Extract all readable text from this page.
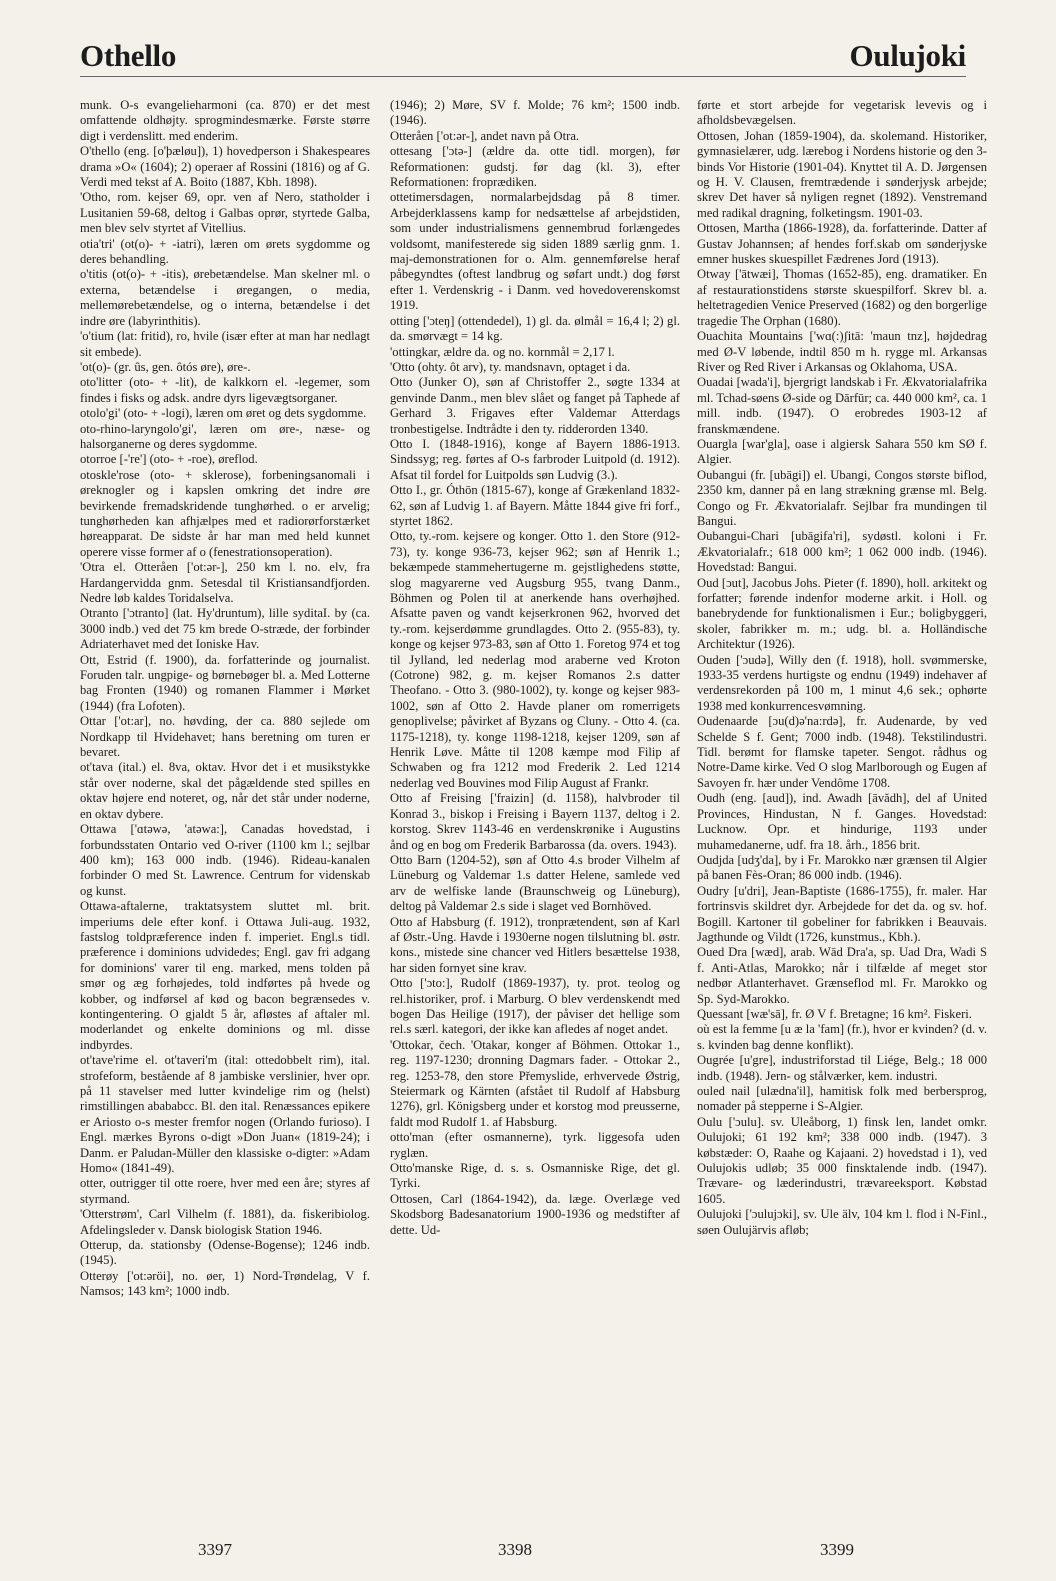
Othello	Oulujoki

munk. O-s evangelieharmoni (ca. 870) er det mest omfattende oldhøjty. sprogmindesmærke. Første større digt i verdenslitt. med enderim.

O'thello (eng. [o'þæløu]), 1) hovedperson i Shakespeares drama »O« (1604); 2) operaer af Rossini (1816) og af G. Verdi med tekst af A. Boito (1887, Kbh. 1898).

'Otho, rom. kejser 69, opr. ven af Nero, statholder i Lusitanien 59-68, deltog i Galbas oprør, styrtede Galba, men blev selv styrtet af Vitellius.

otia'tri' (ot(o)- + -iatri), læren om ørets sygdomme og deres behandling.

o'titis (ot(o)- + -itis), ørebetændelse. Man skelner ml. o externa, betændelse i øregangen, o media, mellemørebetændelse, og o interna, betændelse i det indre øre (labyrinthitis).

'o'tium (lat: fritid), ro, hvile (især efter at man har nedlagt sit embede).

'ot(o)- (gr. ûs, gen. ôtós øre), øre-.

oto'litter (oto- + -lit), de kalkkorn el. -legemer, som findes i fisks og adsk. andre dyrs ligevægtsorganer.

otolo'gi' (oto- + -logi), læren om øret og dets sygdomme.

oto-rhino-laryngolo'gi', læren om øre-, næse- og halsorganerne og deres sygdomme.

otorroe [-'re'] (oto- + -roe), øreflod.

otoskle'rose (oto- + sklerose), forbeningsanomali i øreknogler og i kapslen omkring det indre øre bevirkende fremadskridende tunghørhed. o er arvelig; tunghørheden kan afhjælpes med et radiorørforstærket høreapparat. De sidste år har man med held kunnet operere visse former af o (fenestrationsoperation).

'Otra el. Otteråen ['ot:ər-], 250 km l. no. elv, fra Hardangervidda gnm. Setesdal til Kristiansandfjorden. Nedre løb kaldes Toridalselva.

Otranto ['ɔtranto] (lat. Hy'druntum), lille syditaI. by (ca. 3000 indb.) ved det 75 km brede O-stræde, der forbinder Adriaterhavet med det Ioniske Hav.

Ott, Estrid (f. 1900), da. forfatterinde og journalist. Foruden talr. ungpige- og børnebøger bl. a. Med Lotterne bag Fronten (1940) og romanen Flammer i Mørket (1944) (fra Lofoten).

Ottar ['ot:ar], no. høvding, der ca. 880 sejlede om Nordkapp til Hvidehavet; hans beretning om turen er bevaret.

ot'tava (ital.) el. 8va, oktav. Hvor det i et musikstykke står over noderne, skal det pågældende sted spilles en oktav højere end noteret, og, når det står under noderne, en oktav dybere.

Ottawa ['ɑtəwə, 'atəwa:], Canadas hovedstad, i forbundsstaten Ontario ved O-river (1100 km l.; sejlbar 400 km); 163 000 indb. (1946). Rideau-kanalen forbinder O med St. Lawrence. Centrum for videnskab og kunst.

Ottawa-aftalerne, traktatsystem sluttet ml. brit. imperiums dele efter konf. i Ottawa Juli-aug. 1932, fastslog toldpræference inden f. imperiet. Engl.s tidl. præference i dominions udvidedes; Engl. gav fri adgang for dominions' varer til eng. marked, mens tolden på smør og æg forhøjedes, told indførtes på hvede og kobber, og indførsel af kød og bacon begrænsedes v. kontingentering. O gjaldt 5 år, afløstes af aftaler ml. moderlandet og enkelte dominions og ml. disse indbyrdes.

ot'tave'rime el. ot'taveri'm (ital: ottedobbelt rim), ital. strofeform, bestående af 8 jambiske verslinier, hver opr. på 11 stavelser med lutter kvindelige rim og (helst) rimstillingen abababcc. Bl. den ital. Renæssances epikere er Ariosto o-s mester fremfor nogen (Orlando furioso). I Engl. mærkes Byrons o-digt »Don Juan« (1819-24); i Danm. er Paludan-Müller den klassiske o-digter: »Adam Homo« (1841-49).

otter, outrigger til otte roere, hver med een åre; styres af styrmand.

'Otterstrøm', Carl Vilhelm (f. 1881), da. fiskeribiolog. Afdelingsleder v. Dansk biologisk Station 1946.

Otterup, da. stationsby (Odense-Bogense); 1246 indb. (1945).

Otterøy ['ot:əröi], no. øer, 1) Nord-Trøndelag, V f. Namsos; 143 km²; 1000 indb.

(1946); 2) Møre, SV f. Molde; 76 km²; 1500 indb. (1946).

Otteråen ['ot:ər-], andet navn på Otra.

ottesang ['ɔtə-] (ældre da. otte tidl. morgen), før Reformationen: gudstj. før dag (kl. 3), efter Reformationen: froprædiken.

ottetimersdagen, normalarbejdsdag på 8 timer. Arbejderklassens kamp for nedsættelse af arbejdstiden, som under industrialismens gennembrud forlængedes voldsomt, manifesterede sig siden 1889 særlig gnm. 1. maj-demonstrationen for o. Alm. gennemførelse heraf påbegyndtes (oftest landbrug og søfart undt.) dog først efter 1. Verdenskrig - i Danm. ved hovedoverenskomst 1919.

otting ['ɔteŋ] (ottendedel), 1) gl. da. ølmål = 16,4 l; 2) gl. da. smørvægt = 14 kg.

'ottingkar, ældre da. og no. kornmål = 2,17 l.

'Otto (ohty. ôt arv), ty. mandsnavn, optaget i da.

Otto (Junker O), søn af Christoffer 2., søgte 1334 at genvinde Danm., men blev slået og fanget på Taphede af Gerhard 3. Frigaves efter Valdemar Atterdags tronbestigelse. Indtrådte i den ty. ridderorden 1340.

Otto I. (1848-1916), konge af Bayern 1886-1913. Sindssyg; reg. førtes af O-s farbroder Luitpold (d. 1912). Afsat til fordel for Luitpolds søn Ludvig (3.).

Otto I., gr. Óthōn (1815-67), konge af Grækenland 1832-62, søn af Ludvig 1. af Bayern. Måtte 1844 give fri forf., styrtet 1862.

Otto, ty.-rom. kejsere og konger. Otto 1. den Store (912-73), ty. konge 936-73, kejser 962; søn af Henrik 1.; bekæmpede stammehertugerne m. gejstlighedens støtte, slog magyarerne ved Augsburg 955, tvang Danm., Böhmen og Polen til at anerkende hans overhøjhed. Afsatte paven og vandt kejserkronen 962, hvorved det ty.-rom. kejserdømme grundlagdes. Otto 2. (955-83), ty. konge og kejser 973-83, søn af Otto 1. Foretog 974 et tog til Jylland, led nederlag mod araberne ved Kroton (Cotrone) 982, g. m. kejser Romanos 2.s datter Theofano. - Otto 3. (980-1002), ty. konge og kejser 983-1002, søn af Otto 2. Havde planer om romerrigets genoplivelse; påvirket af Byzans og Cluny. - Otto 4. (ca. 1175-1218), ty. konge 1198-1218, kejser 1209, søn af Henrik Løve. Måtte til 1208 kæmpe mod Filip af Schwaben og fra 1212 mod Frederik 2. Led 1214 nederlag ved Bouvines mod Filip August af Frankr.

Otto af Freising ['fraizin] (d. 1158), halvbroder til Konrad 3., biskop i Freising i Bayern 1137, deltog i 2. korstog. Skrev 1143-46 en verdenskrønike i Augustins ånd og en bog om Frederik Barbarossa (da. overs. 1943).

Otto Barn (1204-52), søn af Otto 4.s broder Vilhelm af Lüneburg og Valdemar 1.s datter Helene, samlede ved arv de welfiske lande (Braunschweig og Lüneburg), deltog på Valdemar 2.s side i slaget ved Bornhöved.

Otto af Habsburg (f. 1912), tronprætendent, søn af Karl af Østr.-Ung. Havde i 1930erne nogen tilslutning bl. østr. kons., mistede sine chancer ved Hitlers besættelse 1938, har siden fornyet sine krav.

Otto ['ɔto:], Rudolf (1869-1937), ty. prot. teolog og rel.historiker, prof. i Marburg. O blev verdenskendt med bogen Das Heilige (1917), der påviser det hellige som rel.s særl. kategori, der ikke kan afledes af noget andet.

'Ottokar, čech. 'Otakar, konger af Böhmen. Ottokar 1., reg. 1197-1230; dronning Dagmars fader. - Ottokar 2., reg. 1253-78, den store Přemyslide, erhvervede Østrig, Steiermark og Kärnten (afstået til Rudolf af Habsburg 1276), grl. Königsberg under et korstog mod preusserne, faldt mod Rudolf 1. af Habsburg.

otto'man (efter osmannerne), tyrk. liggesofa uden ryglæn.

Otto'manske Rige, d. s. s. Osmanniske Rige, det gl. Tyrki.

Ottosen, Carl (1864-1942), da. læge. Overlæge ved Skodsborg Badesanatorium 1900-1936 og medstifter af dette. Ud-

førte et stort arbejde for vegetarisk levevis og i afholdsbevægelsen.

Ottosen, Johan (1859-1904), da. skolemand. Historiker, gymnasielærer, udg. lærebog i Nordens historie og den 3-binds Vor Historie (1901-04). Knyttet til A. D. Jørgensen og H. V. Clausen, fremtrædende i sønderjysk arbejde; skrev Det haver så nyligen regnet (1892). Venstremand med radikal dragning, folketingsm. 1901-03.

Ottosen, Martha (1866-1928), da. forfatterinde. Datter af Gustav Johannsen; af hendes forf.skab om sønderjyske emner huskes skuespillet Fædrenes Jord (1913).

Otway ['ātwæi], Thomas (1652-85), eng. dramatiker. En af restaurationstidens største skuespilforf. Skrev bl. a. heltetragedien Venice Preserved (1682) og den borgerlige tragedie The Orphan (1680).

Ouachita Mountains ['wɑ(:)ʃitā: 'maun tnz], højdedrag med Ø-V løbende, indtil 850 m h. rygge ml. Arkansas River og Red River i Arkansas og Oklahoma, USA.

Ouadai [wada'i], bjergrigt landskab i Fr. Ækvatorialafrika ml. Tchad-søens Ø-side og Dārfūr; ca. 440 000 km², ca. 1 mill. indb. (1947). O erobredes 1903-12 af franskmændene.

Ouargla [war'gla], oase i algiersk Sahara 550 km SØ f. Algier.

Oubangui (fr. [ubāgi]) el. Ubangi, Congos største biflod, 2350 km, danner på en lang strækning grænse ml. Belg. Congo og Fr. Ækvatorialafr. Sejlbar fra mundingen til Bangui.

Oubangui-Chari [ubāgifa'ri], sydøstl. koloni i Fr. Ækvatorialafr.; 618 000 km²; 1 062 000 indb. (1946). Hovedstad: Bangui.

Oud [ɔut], Jacobus Johs. Pieter (f. 1890), holl. arkitekt og forfatter; førende indenfor moderne arkit. i Holl. og banebrydende for funktionalismen i Eur.; boligbyggeri, skoler, fabrikker m. m.; udg. bl. a. Holländische Architektur (1926).

Ouden ['ɔudə], Willy den (f. 1918), holl. svømmerske, 1933-35 verdens hurtigste og endnu (1949) indehaver af verdensrekorden på 100 m, 1 minut 4,6 sek.; ophørte 1938 med konkurrencesvømning.

Oudenaarde [ɔu(d)ə'na:rdə], fr. Audenarde, by ved Schelde S f. Gent; 7000 indb. (1948). Tekstilindustri. Tidl. berømt for flamske tapeter. Sengot. rådhus og Notre-Dame kirke. Ved O slog Marlborough og Eugen af Savoyen fr. hær under Vendôme 1708.

Oudh (eng. [aud]), ind. Awadh [āvădh], del af United Provinces, Hindustan, N f. Ganges. Hovedstad: Lucknow. Opr. et hindurige, 1193 under muhamedanerne, udf. fra 18. årh., 1856 brit.

Oudjda [udʒ'da], by i Fr. Marokko nær grænsen til Algier på banen Fès-Oran; 86 000 indb. (1946).

Oudry [u'dri], Jean-Baptiste (1686-1755), fr. maler. Har fortrinsvis skildret dyr. Arbejdede for det da. og sv. hof. Bogill. Kartoner til gobeliner for fabrikken i Beauvais. Jagthunde og Vildt (1726, kunstmus., Kbh.).

Oued Dra [wæd], arab. Wād Dra'a, sp. Uad Dra, Wadi S f. Anti-Atlas, Marokko; når i tilfælde af meget stor nedbør Atlanterhavet. Grænseflod ml. Fr. Marokko og Sp. Syd-Marokko.

Quessant [wæ'sā], fr. Ø V f. Bretagne; 16 km². Fiskeri.

où est la femme [u æ la 'fam] (fr.), hvor er kvinden? (d. v. s. kvinden bag denne konflikt).

Ougrée [u'gre], industriforstad til Liége, Belg.; 18 000 indb. (1948). Jern- og stålværker, kem. industri.

ouled nail [ulædna'il], hamitisk folk med berbersprog, nomader på stepperne i S-Algier.

Oulu ['ɔulu]. sv. Uleåborg, 1) finsk len, landet omkr. Oulujoki; 61 192 km²; 338 000 indb. (1947). 3 købstæder: O, Raahe og Kajaani. 2) hovedstad i 1), ved Oulujokis udløb; 35 000 finsktalende indb. (1947). Trævare- og læderindustri, trævareeksport. Købstad 1605.

Oulujoki ['ɔulujɔki], sv. Ule älv, 104 km l. flod i N-Finl., søen Oulujärvis afløb;

3397	3398	3399
